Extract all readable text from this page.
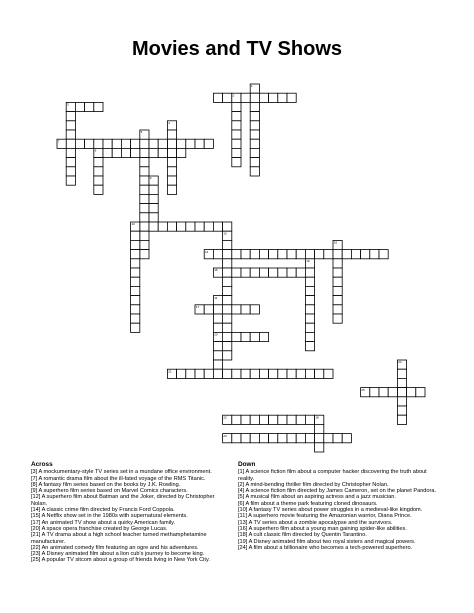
Movies and TV Shows
1
2
3
4
7
5
6
9
10
13
14
15
16
19
11
20
17
21
24
25
22	18
23
Across
[3] A mockumentary-style TV series set in a mundane office environment.
[7] A romantic drama film about the ill-fated voyage of the RMS Titanic.
[8] A fantasy film series based on the books by J.K. Rowling.
[9] A superhero film series based on Marvel Comics characters.
[12] A superhero film about Batman and the Joker, directed by Christopher Nolan.
[14] A classic crime film directed by Francis Ford Coppola.
[15] A Netflix show set in the 1980s with supernatural elements.
[17] An animated TV show about a quirky American family.
[20] A space opera franchise created by George Lucas.
[21] A TV drama about a high school teacher turned methamphetamine manufacturer.
[22] An animated comedy film featuring an ogre and his adventures.
[23] A Disney animated film about a lion cub's journey to become king.
[25] A popular TV sitcom about a group of friends living in New York City.
Down
[1] A science fiction film about a computer hacker discovering the truth about reality.
[2] A mind-bending thriller film directed by Christopher Nolan.
[4] A science fiction film directed by James Cameron, set on the planet Pandora.
[5] A musical film about an aspiring actress and a jazz musician.
[6] A film about a theme park featuring cloned dinosaurs.
[10] A fantasy TV series about power struggles in a medieval-like kingdom.
[11] A superhero movie featuring the Amazonian warrior, Diana Prince.
[13] A TV series about a zombie apocalypse and the survivors.
[16] A superhero film about a young man gaining spider-like abilities.
[18] A cult classic film directed by Quentin Tarantino.
[19] A Disney animated film about two royal sisters and magical powers.
[24] A film about a billionaire who becomes a tech-powered superhero.
